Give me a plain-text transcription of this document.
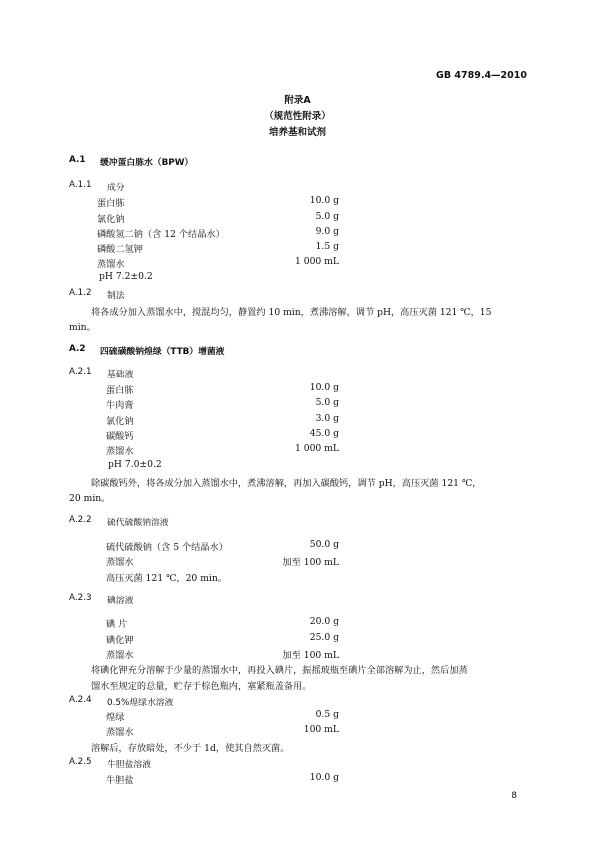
GB 4789.4—2010
附录A
（规范性附录）
培养基和试剂
A.1 缓冲蛋白胨水（BPW）
A.1.1 成分
蛋白胨	10.0 g
氯化钠	5.0 g
磷酸氢二钠（含 12 个结晶水）	9.0 g
磷酸二氢钾	1.5 g
蒸馏水	1 000 mL
pH 7.2±0.2
A.1.2 制法
将各成分加入蒸馏水中，搅混均匀，静置约 10 min，煮沸溶解，调节 pH，高压灭菌 121 ℃，15
min。
A.2 四硫磺酸钠煌绿（TTB）增菌液
A.2.1 基础液
蛋白胨	10.0 g
牛肉膏	5.0 g
氯化钠	3.0 g
碳酸钙	45.0 g
蒸馏水	1 000 mL
pH 7.0±0.2
除碳酸钙外，将各成分加入蒸馏水中，煮沸溶解，再加入碳酸钙，调节 pH，高压灭菌 121 ℃，
20 min。
A.2.2 硫代硫酸钠溶液
硫代硫酸钠（含 5 个结晶水）	50.0 g
蒸馏水	加至 100 mL
高压灭菌 121 ℃，20 min。
A.2.3 碘溶液
碘 片	20.0 g
碘化钾	25.0 g
蒸馏水	加至 100 mL
将碘化钾充分溶解于少量的蒸馏水中，再投入碘片，振摇玻瓶至碘片全部溶解为止，然后加蒸
馏水至规定的总量，贮存于棕色瓶内，塞紧瓶盖备用。
A.2.4 0.5%煌绿水溶液
煌绿	0.5 g
蒸馏水	100 mL
溶解后，存放暗处，不少于 1d，使其自然灭菌。
A.2.5 牛胆盐溶液
牛胆盐	10.0 g
8
